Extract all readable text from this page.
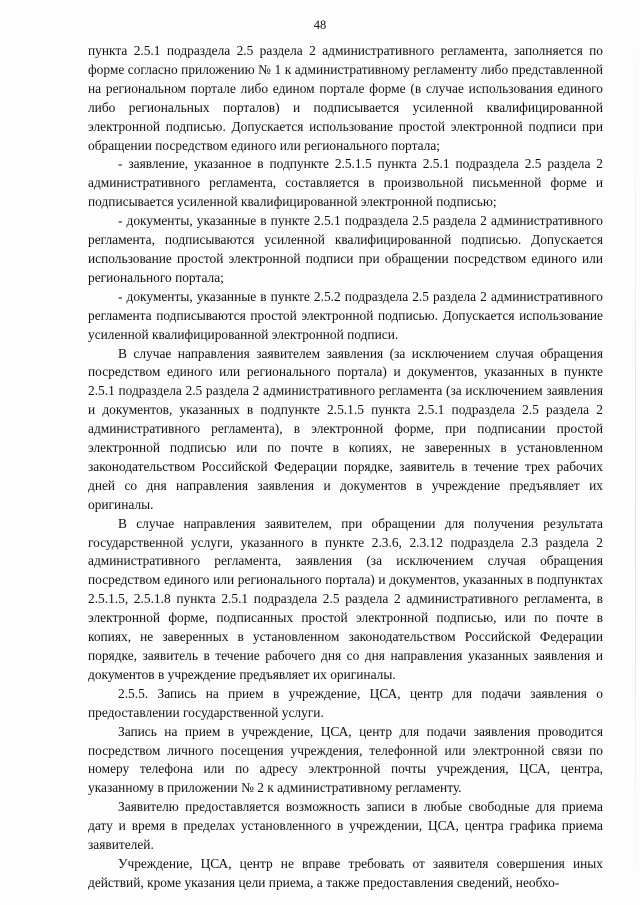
48

пункта 2.5.1 подраздела 2.5 раздела 2 административного регламента, заполняется по форме согласно приложению № 1 к административному регламенту либо представленной на региональном портале либо едином портале форме (в случае использования единого либо региональных порталов) и подписывается усиленной квалифицированной электронной подписью. Допускается использование простой электронной подписи при обращении посредством единого или регионального портала;

- заявление, указанное в подпункте 2.5.1.5 пункта 2.5.1 подраздела 2.5 раздела 2 административного регламента, составляется в произвольной письменной форме и подписывается усиленной квалифицированной электронной подписью;

- документы, указанные в пункте 2.5.1 подраздела 2.5 раздела 2 административного регламента, подписываются усиленной квалифицированной подписью. Допускается использование простой электронной подписи при обращении посредством единого или регионального портала;

- документы, указанные в пункте 2.5.2 подраздела 2.5 раздела 2 административного регламента подписываются простой электронной подписью. Допускается использование усиленной квалифицированной электронной подписи.

В случае направления заявителем заявления (за исключением случая обращения посредством единого или регионального портала) и документов, указанных в пункте 2.5.1 подраздела 2.5 раздела 2 административного регламента (за исключением заявления и документов, указанных в подпункте 2.5.1.5 пункта 2.5.1 подраздела 2.5 раздела 2 административного регламента), в электронной форме, при подписании простой электронной подписью или по почте в копиях, не заверенных в установленном законодательством Российской Федерации порядке, заявитель в течение трех рабочих дней со дня направления заявления и документов в учреждение предъявляет их оригиналы.

В случае направления заявителем, при обращении для получения результата государственной услуги, указанного в пункте 2.3.6, 2.3.12 подраздела 2.3 раздела 2 административного регламента, заявления (за исключением случая обращения посредством единого или регионального портала) и документов, указанных в подпунктах 2.5.1.5, 2.5.1.8 пункта 2.5.1 подраздела 2.5 раздела 2 административного регламента, в электронной форме, подписанных простой электронной подписью, или по почте в копиях, не заверенных в установленном законодательством Российской Федерации порядке, заявитель в течение рабочего дня со дня направления указанных заявления и документов в учреждение предъявляет их оригиналы.

2.5.5. Запись на прием в учреждение, ЦСА, центр для подачи заявления о предоставлении государственной услуги.

Запись на прием в учреждение, ЦСА, центр для подачи заявления проводится посредством личного посещения учреждения, телефонной или электронной связи по номеру телефона или по адресу электронной почты учреждения, ЦСА, центра, указанному в приложении № 2 к административному регламенту.

Заявителю предоставляется возможность записи в любые свободные для приема дату и время в пределах установленного в учреждении, ЦСА, центра графика приема заявителей.

Учреждение, ЦСА, центр не вправе требовать от заявителя совершения иных действий, кроме указания цели приема, а также предоставления сведений, необхо-
